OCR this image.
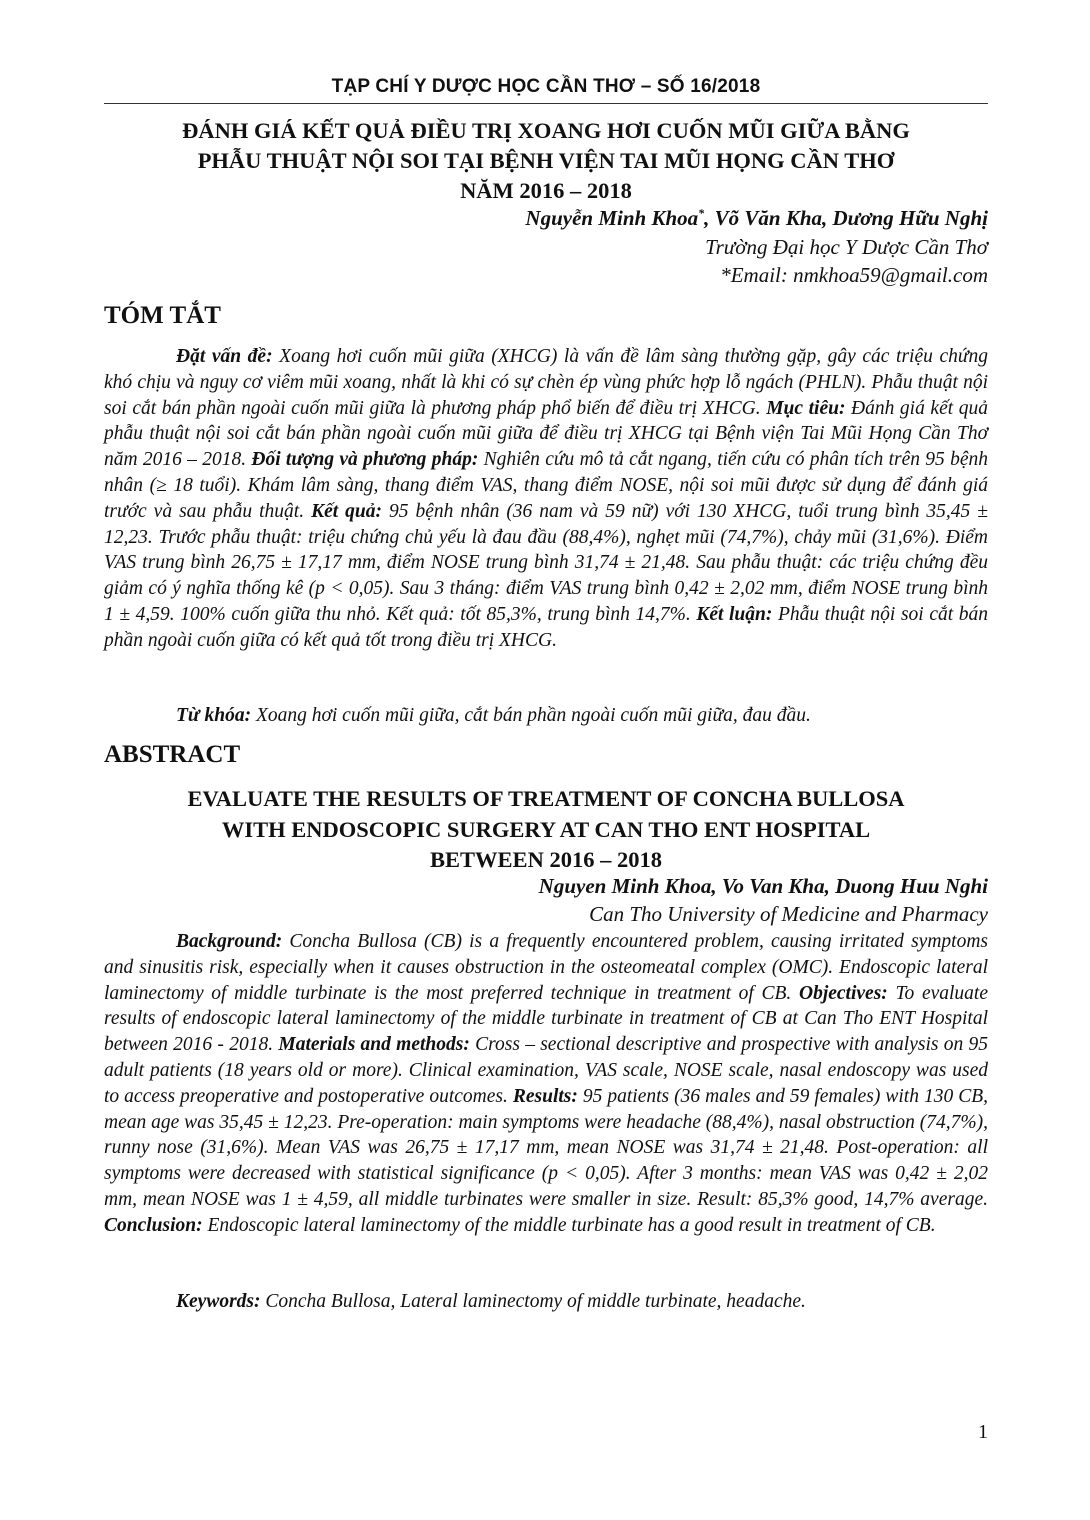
TẠP CHÍ Y DƯỢC HỌC CẦN THƠ – SỐ 16/2018
ĐÁNH GIÁ KẾT QUẢ ĐIỀU TRỊ XOANG HƠI CUỐN MŨI GIỮA BẰNG
PHẪU THUẬT NỘI SOI TẠI BỆNH VIỆN TAI MŨI HỌNG CẦN THƠ
NĂM 2016 – 2018
Nguyễn Minh Khoa*, Võ Văn Kha, Dương Hữu Nghị
Trường Đại học Y Dược Cần Thơ
*Email: nmkhoa59@gmail.com
TÓM TẮT
Đặt vấn đề: Xoang hơi cuốn mũi giữa (XHCG) là vấn đề lâm sàng thường gặp, gây các triệu chứng khó chịu và nguy cơ viêm mũi xoang, nhất là khi có sự chèn ép vùng phức hợp lỗ ngách (PHLN). Phẫu thuật nội soi cắt bán phần ngoài cuốn mũi giữa là phương pháp phổ biến để điều trị XHCG. Mục tiêu: Đánh giá kết quả phẫu thuật nội soi cắt bán phần ngoài cuốn mũi giữa để điều trị XHCG tại Bệnh viện Tai Mũi Họng Cần Thơ năm 2016 – 2018. Đối tượng và phương pháp: Nghiên cứu mô tả cắt ngang, tiến cứu có phân tích trên 95 bệnh nhân (≥ 18 tuổi). Khám lâm sàng, thang điểm VAS, thang điểm NOSE, nội soi mũi được sử dụng để đánh giá trước và sau phẫu thuật. Kết quả: 95 bệnh nhân (36 nam và 59 nữ) với 130 XHCG, tuổi trung bình 35,45 ± 12,23. Trước phẫu thuật: triệu chứng chủ yếu là đau đầu (88,4%), nghẹt mũi (74,7%), chảy mũi (31,6%). Điểm VAS trung bình 26,75 ± 17,17 mm, điểm NOSE trung bình 31,74 ± 21,48. Sau phẫu thuật: các triệu chứng đều giảm có ý nghĩa thống kê (p < 0,05). Sau 3 tháng: điểm VAS trung bình 0,42 ± 2,02 mm, điểm NOSE trung bình 1 ± 4,59. 100% cuốn giữa thu nhỏ. Kết quả: tốt 85,3%, trung bình 14,7%. Kết luận: Phẫu thuật nội soi cắt bán phần ngoài cuốn giữa có kết quả tốt trong điều trị XHCG.
Từ khóa: Xoang hơi cuốn mũi giữa, cắt bán phần ngoài cuốn mũi giữa, đau đầu.
ABSTRACT
EVALUATE THE RESULTS OF TREATMENT OF CONCHA BULLOSA
WITH ENDOSCOPIC SURGERY AT CAN THO ENT HOSPITAL
BETWEEN 2016 – 2018
Nguyen Minh Khoa, Vo Van Kha, Duong Huu Nghi
Can Tho University of Medicine and Pharmacy
Background: Concha Bullosa (CB) is a frequently encountered problem, causing irritated symptoms and sinusitis risk, especially when it causes obstruction in the osteomeatal complex (OMC). Endoscopic lateral laminectomy of middle turbinate is the most preferred technique in treatment of CB. Objectives: To evaluate results of endoscopic lateral laminectomy of the middle turbinate in treatment of CB at Can Tho ENT Hospital between 2016 - 2018. Materials and methods: Cross – sectional descriptive and prospective with analysis on 95 adult patients (18 years old or more). Clinical examination, VAS scale, NOSE scale, nasal endoscopy was used to access preoperative and postoperative outcomes. Results: 95 patients (36 males and 59 females) with 130 CB, mean age was 35,45 ± 12,23. Pre-operation: main symptoms were headache (88,4%), nasal obstruction (74,7%), runny nose (31,6%). Mean VAS was 26,75 ± 17,17 mm, mean NOSE was 31,74 ± 21,48. Post-operation: all symptoms were decreased with statistical significance (p < 0,05). After 3 months: mean VAS was 0,42 ± 2,02 mm, mean NOSE was 1 ± 4,59, all middle turbinates were smaller in size. Result: 85,3% good, 14,7% average. Conclusion: Endoscopic lateral laminectomy of the middle turbinate has a good result in treatment of CB.
Keywords: Concha Bullosa, Lateral laminectomy of middle turbinate, headache.
1
